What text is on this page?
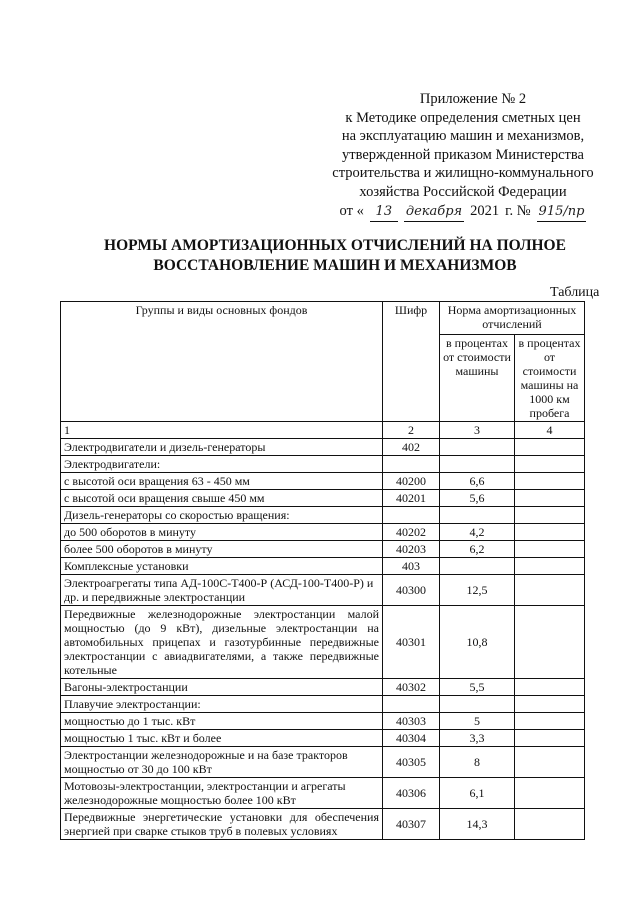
Приложение № 2
к Методике определения сметных цен
на эксплуатацию машин и механизмов,
утвержденной приказом Министерства
строительства и жилищно-коммунального
хозяйства Российской Федерации
от « 13	декабря 2021 г. № 915/пр
НОРМЫ АМОРТИЗАЦИОННЫХ ОТЧИСЛЕНИЙ НА ПОЛНОЕ
ВОССТАНОВЛЕНИЕ МАШИН И МЕХАНИЗМОВ
Таблица
Группы и виды основных фондов	Шифр	Норма амортизационных отчислений	
		в процентах от стоимости машины	в процентах от стоимости машины на 1000 км пробега
1	2	3	4
Электродвигатели и дизель-генераторы	402		
Электродвигатели:			
с высотой оси вращения 63 - 450 мм	40200	6,6	
с высотой оси вращения свыше 450 мм	40201	5,6	
Дизель-генераторы со скоростью вращения:			
до 500 оборотов в минуту	40202	4,2	
более 500 оборотов в минуту	40203	6,2	
Комплексные установки	403		
Электроагрегаты типа АД-100С-Т400-Р (АСД-100-Т400-Р) и др. и передвижные электростанции	40300	12,5	
Передвижные железнодорожные электростанции малой мощностью (до 9 кВт), дизельные электростанции на автомобильных прицепах и газотурбинные передвижные электростанции с авиадвигателями, а также передвижные котельные	40301	10,8	
Вагоны-электростанции	40302	5,5	
Плавучие электростанции:			
мощностью до 1 тыс. кВт	40303	5	
мощностью 1 тыс. кВт и более	40304	3,3	
Электростанции железнодорожные и на базе тракторов мощностью от 30 до 100 кВт	40305	8	
Мотовозы-электростанции, электростанции и агрегаты железнодорожные мощностью более 100 кВт	40306	6,1	
Передвижные энергетические установки для обеспечения энергией при сварке стыков труб в полевых условиях	40307	14,3	
